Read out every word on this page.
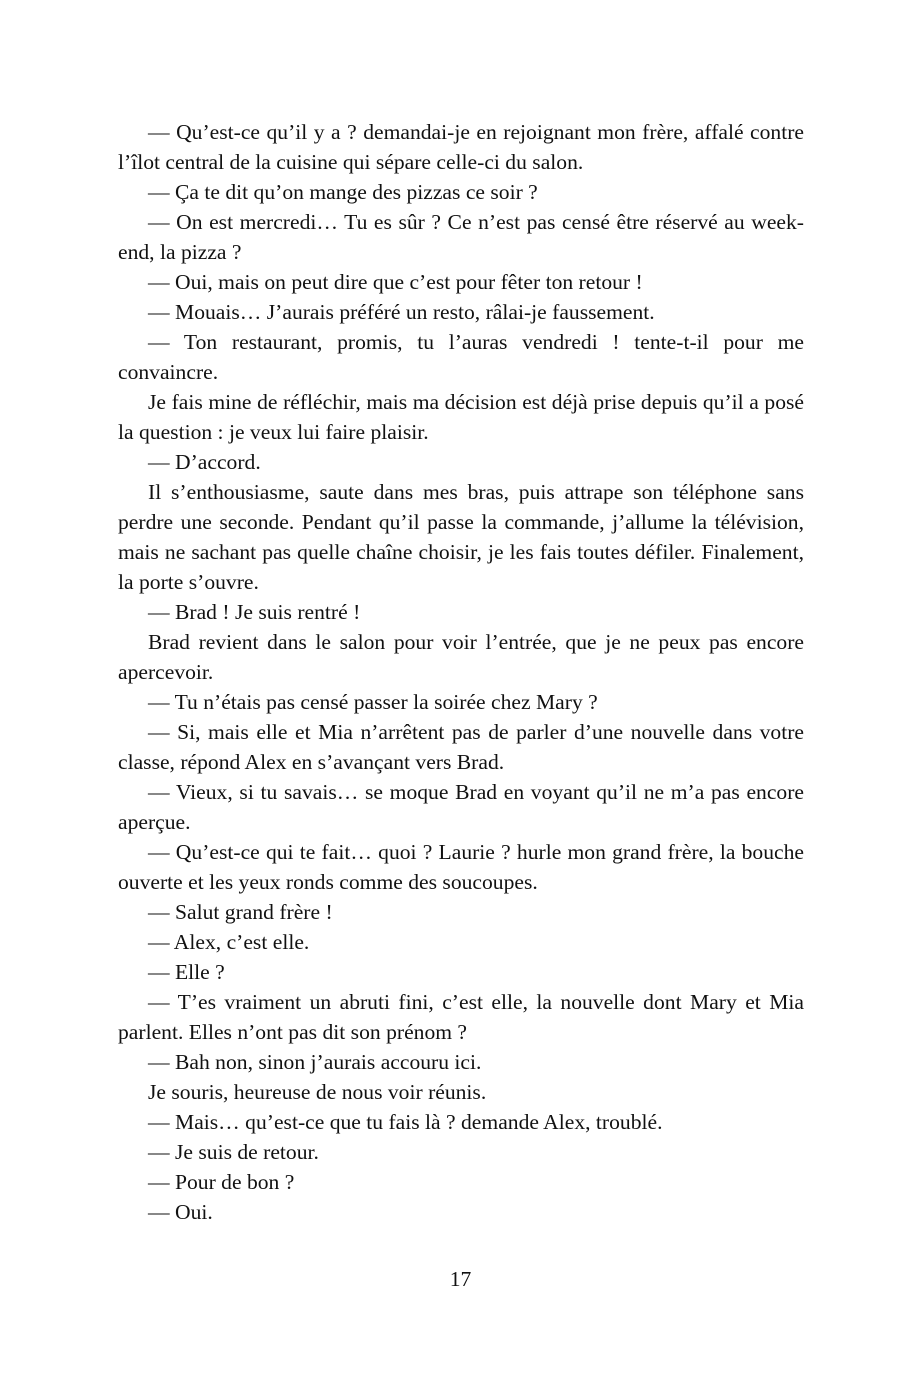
— Qu’est-ce qu’il y a ? demandai-je en rejoignant mon frère, affalé contre l’îlot central de la cuisine qui sépare celle-ci du salon.

— Ça te dit qu’on mange des pizzas ce soir ?

— On est mercredi… Tu es sûr ? Ce n’est pas censé être réservé au week-end, la pizza ?

— Oui, mais on peut dire que c’est pour fêter ton retour !

— Mouais… J’aurais préféré un resto, râlai-je faussement.

— Ton restaurant, promis, tu l’auras vendredi ! tente-t-il pour me convaincre.

Je fais mine de réfléchir, mais ma décision est déjà prise depuis qu’il a posé la question : je veux lui faire plaisir.

— D’accord.

Il s’enthousiasme, saute dans mes bras, puis attrape son téléphone sans perdre une seconde. Pendant qu’il passe la commande, j’allume la télévision, mais ne sachant pas quelle chaîne choisir, je les fais toutes défiler. Finalement, la porte s’ouvre.

— Brad ! Je suis rentré !

Brad revient dans le salon pour voir l’entrée, que je ne peux pas encore apercevoir.

— Tu n’étais pas censé passer la soirée chez Mary ?

— Si, mais elle et Mia n’arrêtent pas de parler d’une nouvelle dans votre classe, répond Alex en s’avançant vers Brad.

— Vieux, si tu savais… se moque Brad en voyant qu’il ne m’a pas encore aperçue.

— Qu’est-ce qui te fait… quoi ? Laurie ? hurle mon grand frère, la bouche ouverte et les yeux ronds comme des soucoupes.

— Salut grand frère !

— Alex, c’est elle.

— Elle ?

— T’es vraiment un abruti fini, c’est elle, la nouvelle dont Mary et Mia parlent. Elles n’ont pas dit son prénom ?

— Bah non, sinon j’aurais accouru ici.

Je souris, heureuse de nous voir réunis.

— Mais… qu’est-ce que tu fais là ? demande Alex, troublé.

— Je suis de retour.

— Pour de bon ?

— Oui.

17
